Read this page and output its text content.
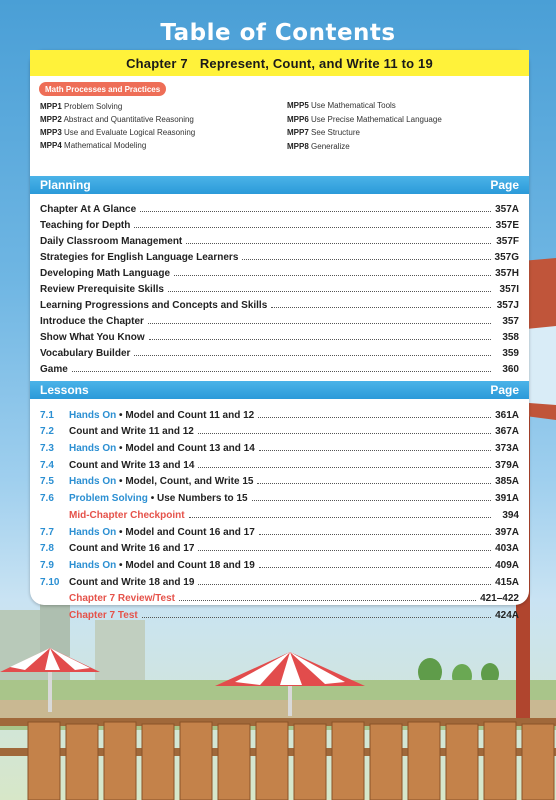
Table of Contents
Chapter 7 Represent, Count, and Write 11 to 19
Math Processes and Practices
MPP1 Problem Solving
MPP2 Abstract and Quantitative Reasoning
MPP3 Use and Evaluate Logical Reasoning
MPP4 Mathematical Modeling
MPP5 Use Mathematical Tools
MPP6 Use Precise Mathematical Language
MPP7 See Structure
MPP8 Generalize
Planning	Page
Chapter At A Glance	357A
Teaching for Depth	357E
Daily Classroom Management	357F
Strategies for English Language Learners	357G
Developing Math Language	357H
Review Prerequisite Skills	357I
Learning Progressions and Concepts and Skills	357J
Introduce the Chapter	357
Show What You Know	358
Vocabulary Builder	359
Game	360
Lessons	Page
7.1	Hands On • Model and Count 11 and 12	361A
7.2	Count and Write 11 and 12	367A
7.3	Hands On • Model and Count 13 and 14	373A
7.4	Count and Write 13 and 14	379A
7.5	Hands On • Model, Count, and Write 15	385A
7.6	Problem Solving • Use Numbers to 15	391A
Mid-Chapter Checkpoint	394
7.7	Hands On • Model and Count 16 and 17	397A
7.8	Count and Write 16 and 17	403A
7.9	Hands On • Model and Count 18 and 19	409A
7.10 Count and Write 18 and 19	415A
Chapter 7 Review/Test	421–422
Chapter 7 Test	424A
